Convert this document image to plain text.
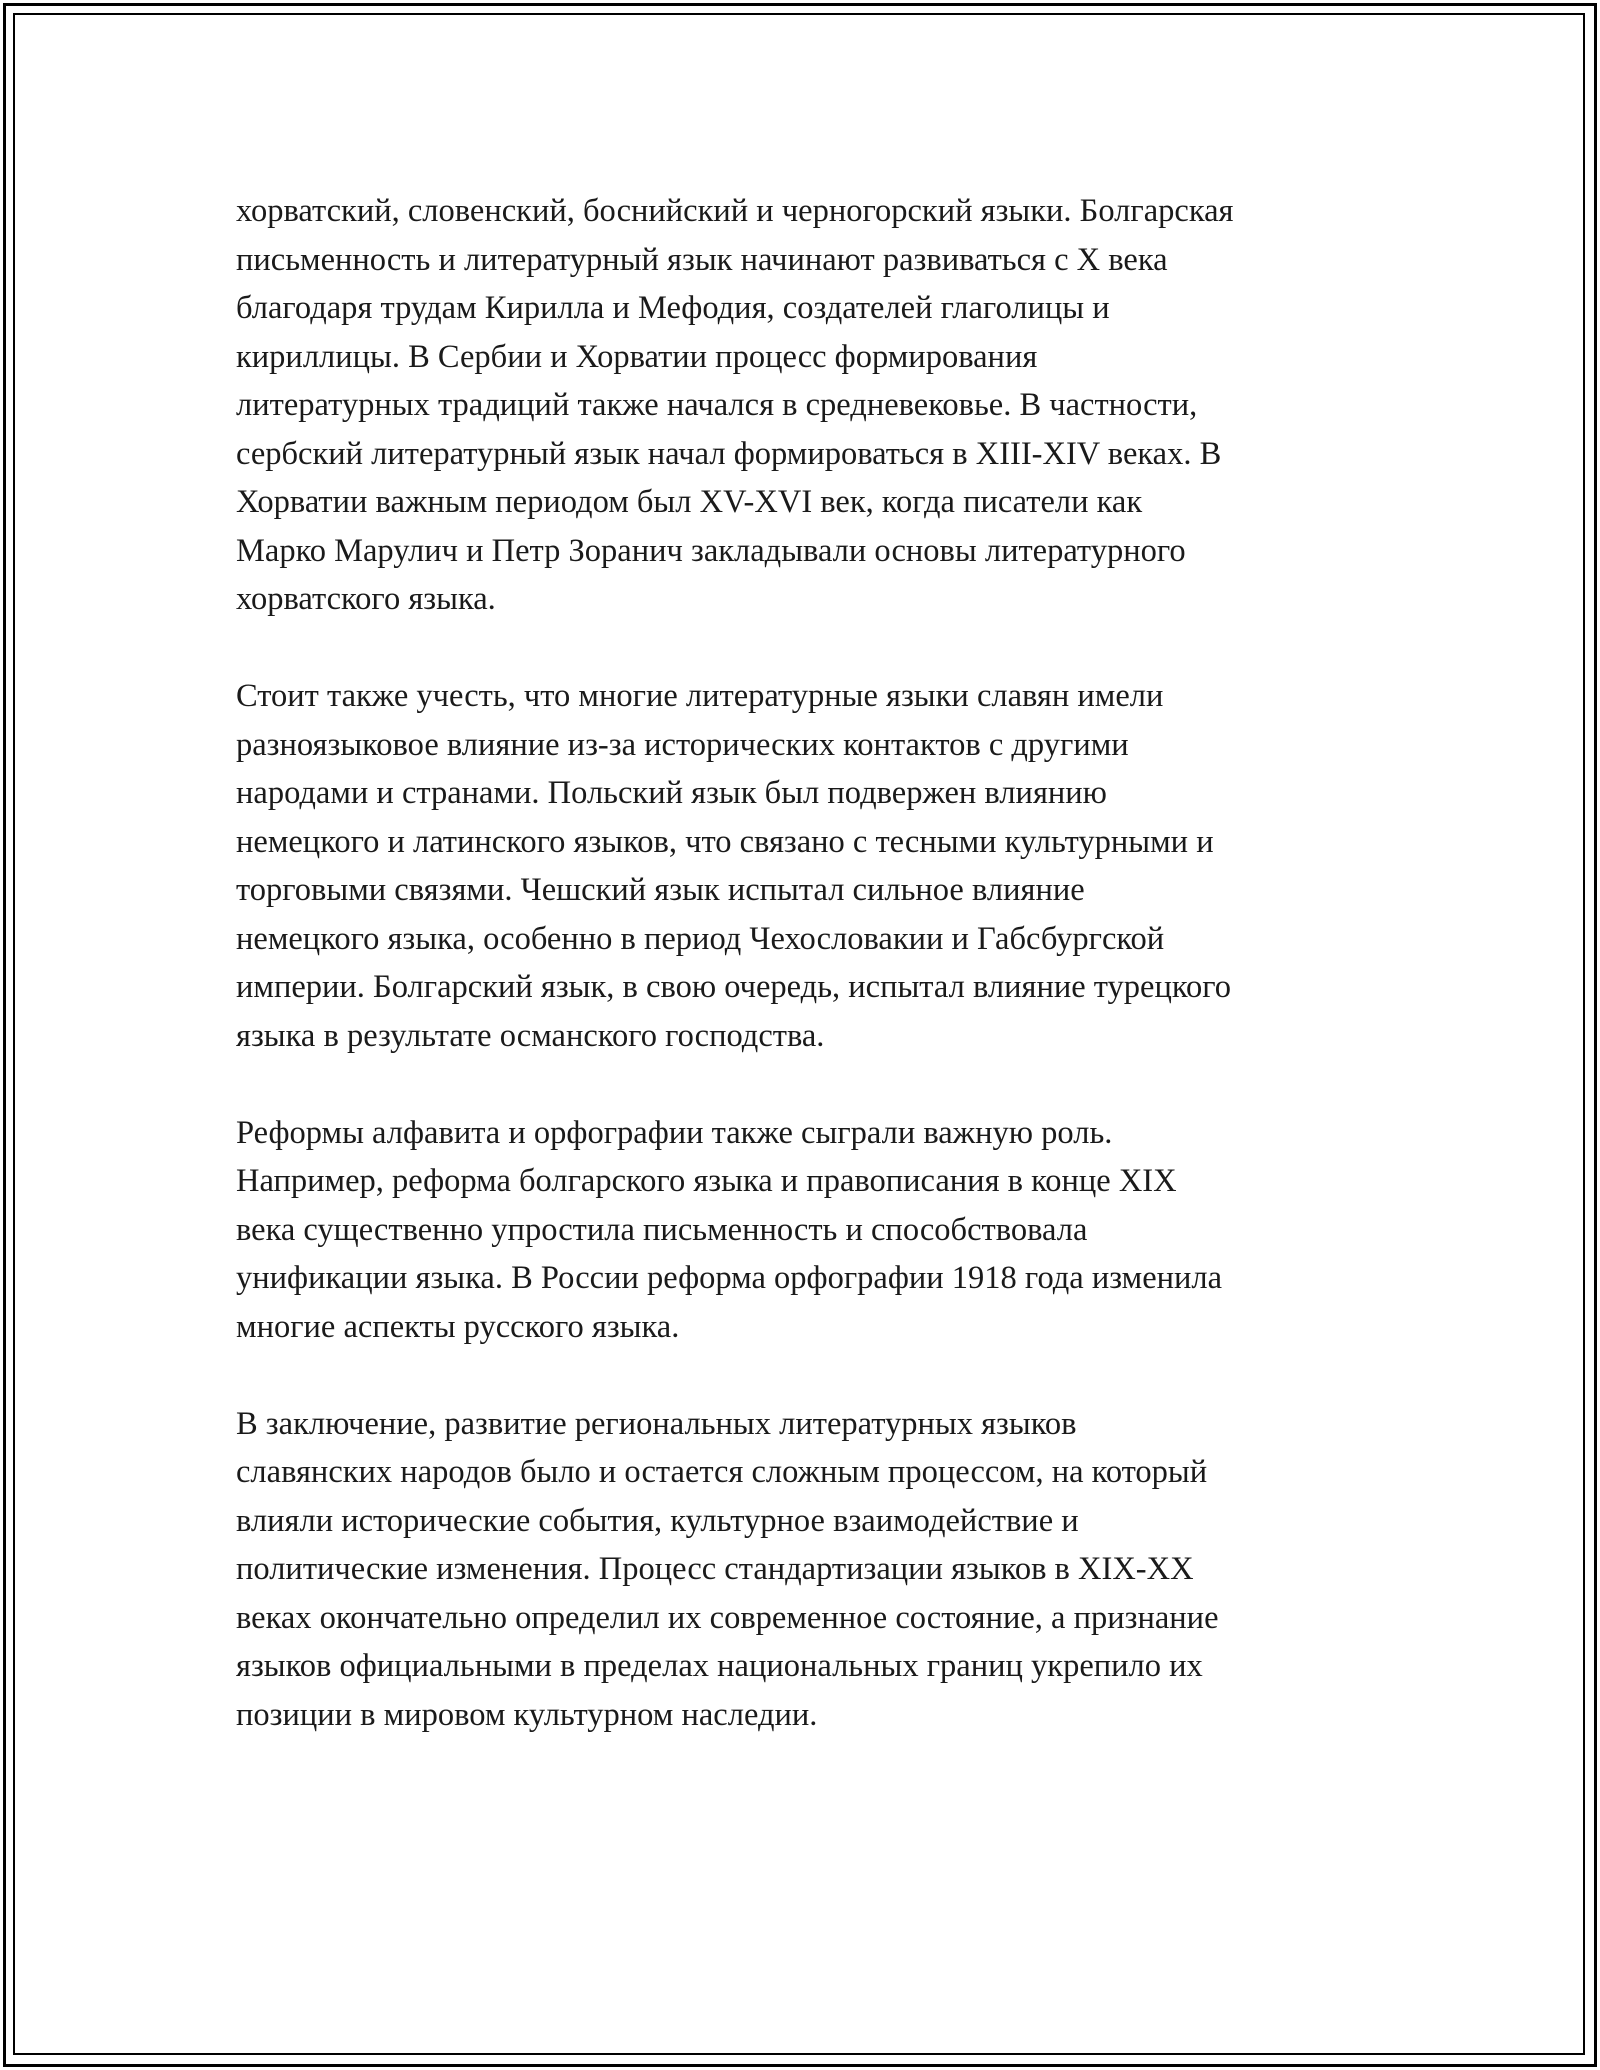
хорватский, словенский, боснийский и черногорский языки. Болгарская
письменность и литературный язык начинают развиваться с X века
благодаря трудам Кирилла и Мефодия, создателей глаголицы и
кириллицы. В Сербии и Хорватии процесс формирования
литературных традиций также начался в средневековье. В частности,
сербский литературный язык начал формироваться в XIII-XIV веках. В
Хорватии важным периодом был XV-XVI век, когда писатели как
Марко Марулич и Петр Зоранич закладывали основы литературного
хорватского языка.

Стоит также учесть, что многие литературные языки славян имели
разноязыковое влияние из-за исторических контактов с другими
народами и странами. Польский язык был подвержен влиянию
немецкого и латинского языков, что связано с тесными культурными и
торговыми связями. Чешский язык испытал сильное влияние
немецкого языка, особенно в период Чехословакии и Габсбургской
империи. Болгарский язык, в свою очередь, испытал влияние турецкого
языка в результате османского господства.

Реформы алфавита и орфографии также сыграли важную роль.
Например, реформа болгарского языка и правописания в конце XIX
века существенно упростила письменность и способствовала
унификации языка. В России реформа орфографии 1918 года изменила
многие аспекты русского языка.

В заключение, развитие региональных литературных языков
славянских народов было и остается сложным процессом, на который
влияли исторические события, культурное взаимодействие и
политические изменения. Процесс стандартизации языков в XIX-XX
веках окончательно определил их современное состояние, а признание
языков официальными в пределах национальных границ укрепило их
позиции в мировом культурном наследии.
